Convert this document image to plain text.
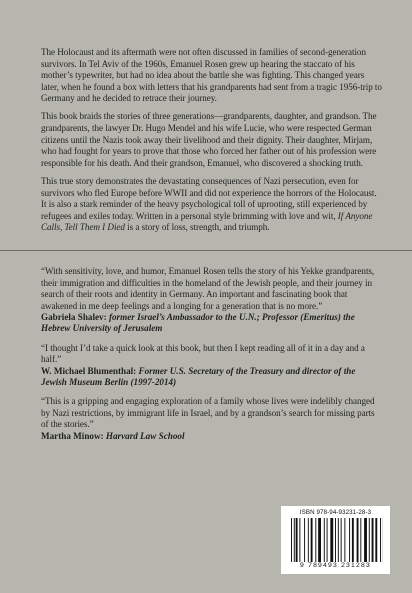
The Holocaust and its aftermath were not often discussed in families of second-generation survivors. In Tel Aviv of the 1960s, Emanuel Rosen grew up hearing the staccato of his mother’s typewriter, but had no idea about the battle she was fighting. This changed years later, when he found a box with letters that his grandparents had sent from a tragic 1956-trip to Germany and he decided to retrace their journey.

This book braids the stories of three generations—grandparents, daughter, and grandson. The grandparents, the lawyer Dr. Hugo Mendel and his wife Lucie, who were respected German citizens until the Nazis took away their livelihood and their dignity. Their daughter, Mirjam, who had fought for years to prove that those who forced her father out of his profession were responsible for his death. And their grandson, Emanuel, who discovered a shocking truth.

This true story demonstrates the devastating consequences of Nazi persecution, even for survivors who fled Europe before WWII and did not experience the horrors of the Holocaust. It is also a stark reminder of the heavy psychological toll of uprooting, still experienced by refugees and exiles today. Written in a personal style brimming with love and wit, If Anyone Calls, Tell Them I Died is a story of loss, strength, and triumph.

“With sensitivity, love, and humor, Emanuel Rosen tells the story of his Yekke grandparents, their immigration and difficulties in the homeland of the Jewish people, and their journey in search of their roots and identity in Germany. An important and fascinating book that awakened in me deep feelings and a longing for a generation that is no more.”

Gabriela Shalev: former Israel’s Ambassador to the U.N.; Professor (Emeritus) the Hebrew University of Jerusalem

“I thought I’d take a quick look at this book, but then I kept reading all of it in a day and a half.”

W. Michael Blumenthal: Former U.S. Secretary of the Treasury and director of the Jewish Museum Berlin (1997-2014)

“This is a gripping and engaging exploration of a family whose lives were indelibly changed by Nazi restrictions, by immigrant life in Israel, and by a grandson’s search for missing parts of the stories.”

Martha Minow: Harvard Law School
ISBN 978-94-93231-28-3
9 789493 231283
